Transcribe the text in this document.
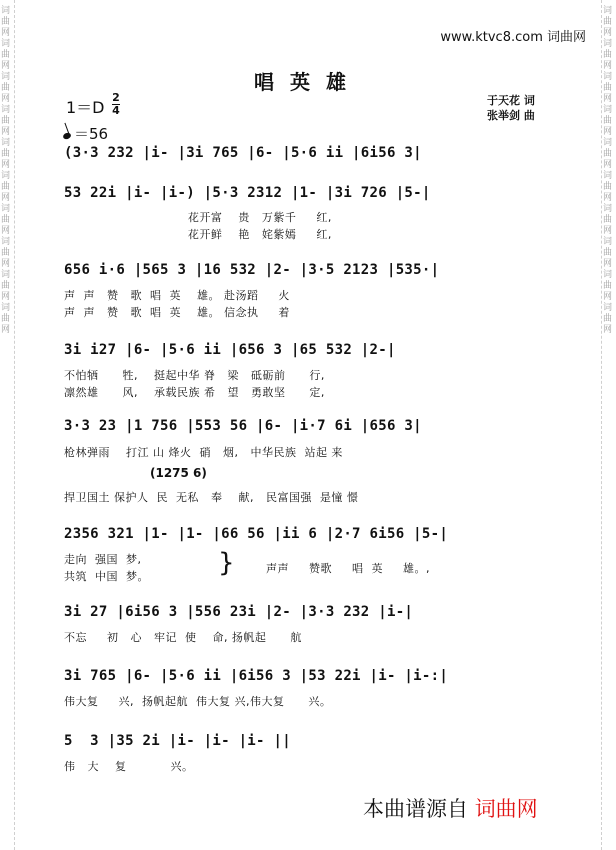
词曲网词曲网词曲网词曲网词曲网词曲网词曲网词曲网词曲网词曲网
词曲网词曲网词曲网词曲网词曲网词曲网词曲网词曲网词曲网词曲网
www.ktvc8.com 词曲网
唱英雄
于天花 词
张举剑 曲
1＝D
2
4
＝56
(3·3 232 |i- |3i 765 |6- |5·6 ii |6i56 3|
53 22i |i- |i-) |5·3 2312 |1- |3i 726 |5-|
花开富    贵   万紫千     红,
花开鲜    艳   姹紫嫣     红,
656 i·6 |565 3 |16 532 |2- |3·5 2123 |535·|
声  声   赞   歌  唱  英    雄。 赴汤蹈     火
声  声   赞   歌  唱  英    雄。 信念执     着
3i i27 |6- |5·6 ii |656 3 |65 532 |2-|
不怕牺      牲,    挺起中华 脊   梁   砥砺前      行,
凛然雄      风,    承载民族 希   望   勇敢坚      定,
3·3 23 |1 756 |553 56 |6- |i·7 6i |656 3|
枪林弹雨    打江 山 烽火  硝   烟,   中华民族  站起 来
(1275 6)
捍卫国土 保护人  民  无私   奉    献,   民富国强  是憧 憬
2356 321 |1- |1- |66 56 |ii 6 |2·7 6i56 |5-|
走向  强国  梦,
共筑  中国  梦。	}	声声     赞歌     唱  英     雄。,
3i 27 |6i56 3 |556 23i |2- |3·3 232 |i-|
不忘     初   心   牢记  使    命, 扬帆起      航
3i 765 |6- |5·6 ii |6i56 3 |53 22i |i- |i-:|
伟大复     兴,  扬帆起航  伟大复 兴,伟大复      兴。
5  3 |35 2i |i- |i- |i- ||
伟   大    复           兴。
本曲谱源自 词曲网
